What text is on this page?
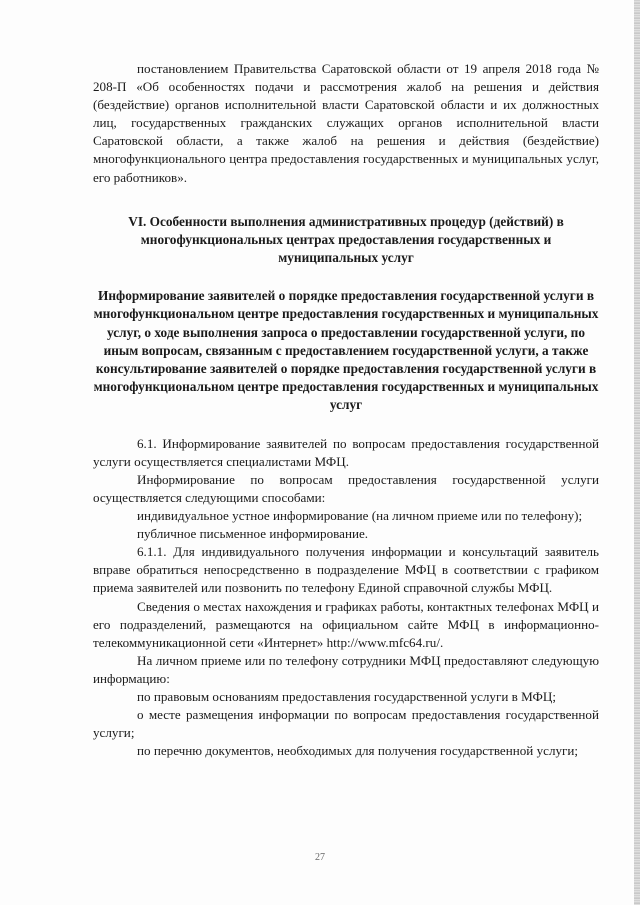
постановлением Правительства Саратовской области от 19 апреля 2018 года № 208-П «Об особенностях подачи и рассмотрения жалоб на решения и действия (бездействие) органов исполнительной власти Саратовской области и их должностных лиц, государственных гражданских служащих органов исполнительной власти Саратовской области, а также жалоб на решения и действия (бездействие) многофункционального центра предоставления государственных и муниципальных услуг, его работников».

VI. Особенности выполнения административных процедур (действий) в многофункциональных центрах предоставления государственных и муниципальных услуг

Информирование заявителей о порядке предоставления государственной услуги в многофункциональном центре предоставления государственных и муниципальных услуг, о ходе выполнения запроса о предоставлении государственной услуги, по иным вопросам, связанным с предоставлением государственной услуги, а также консультирование заявителей о порядке предоставления государственной услуги в многофункциональном центре предоставления государственных и муниципальных услуг

6.1. Информирование заявителей по вопросам предоставления государственной услуги осуществляется специалистами МФЦ.

Информирование по вопросам предоставления государственной услуги осуществляется следующими способами:

индивидуальное устное информирование (на личном приеме или по телефону);

публичное письменное информирование.

6.1.1. Для индивидуального получения информации и консультаций заявитель вправе обратиться непосредственно в подразделение МФЦ в соответствии с графиком приема заявителей или позвонить по телефону Единой справочной службы МФЦ.

Сведения о местах нахождения и графиках работы, контактных телефонах МФЦ и его подразделений, размещаются на официальном сайте МФЦ в информационно-телекоммуникационной сети «Интернет» http://www.mfc64.ru/.

На личном приеме или по телефону сотрудники МФЦ предоставляют следующую информацию:

по правовым основаниям предоставления государственной услуги в МФЦ;

о месте размещения информации по вопросам предоставления государственной услуги;

по перечню документов, необходимых для получения государственной услуги;

27
